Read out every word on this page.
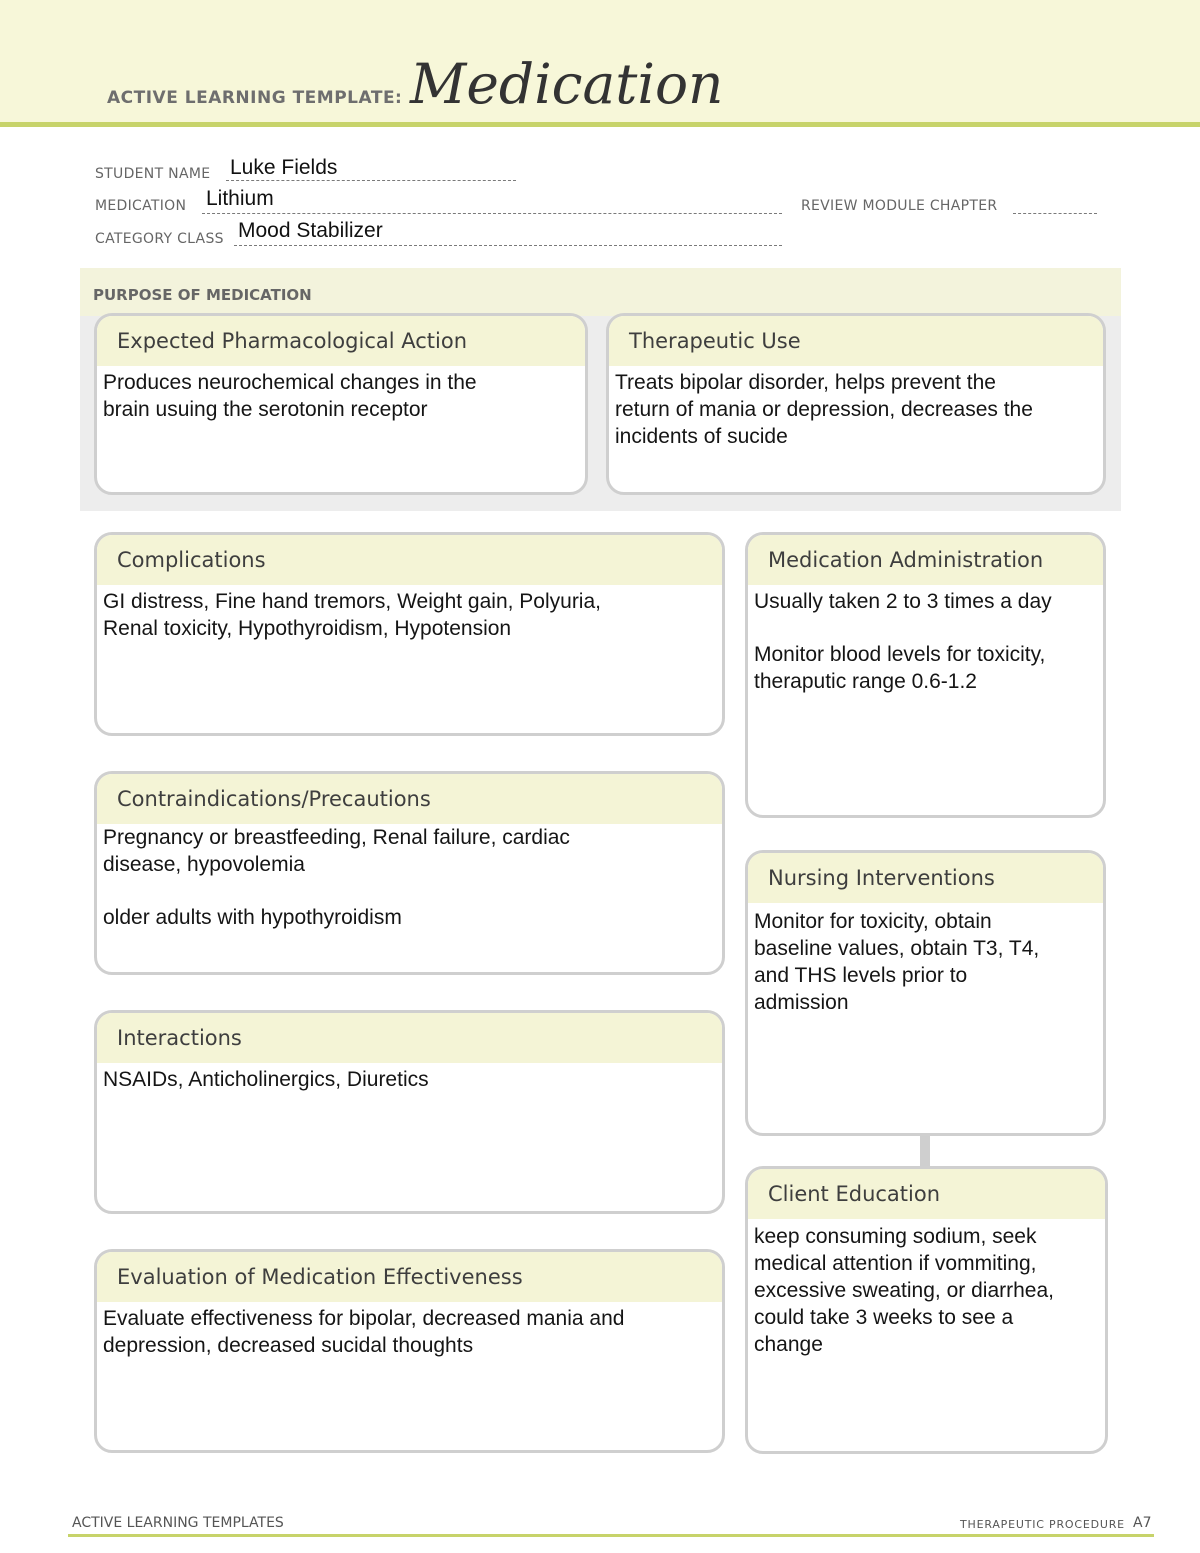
ACTIVE LEARNING TEMPLATE: Medication
STUDENT NAME Luke Fields
MEDICATION Lithium	REVIEW MODULE CHAPTER
CATEGORY CLASS Mood Stabilizer
PURPOSE OF MEDICATION
Expected Pharmacological Action

Produces neurochemical changes in the

brain usuing the serotonin receptor

Therapeutic Use

Treats bipolar disorder, helps prevent the

return of mania or depression, decreases the

incidents of sucide

Complications

GI distress, Fine hand tremors, Weight gain, Polyuria,

Renal toxicity, Hypothyroidism, Hypotension

Contraindications/Precautions

Pregnancy or breastfeeding, Renal failure, cardiac

disease, hypovolemia

older adults with hypothyroidism

Interactions

NSAIDs, Anticholinergics, Diuretics

Evaluation of Medication Effectiveness

Evaluate effectiveness for bipolar, decreased mania and

depression, decreased sucidal thoughts

Medication Administration

Usually taken 2 to 3 times a day

Monitor blood levels for toxicity,

theraputic range 0.6-1.2

Nursing Interventions

Monitor for toxicity, obtain

baseline values, obtain T3, T4,

and THS levels prior to

admission

Client Education

keep consuming sodium, seek

medical attention if vommiting,

excessive sweating, or diarrhea,

could take 3 weeks to see a

change

ACTIVE LEARNING TEMPLATES	THERAPEUTIC PROCEDURE A7
